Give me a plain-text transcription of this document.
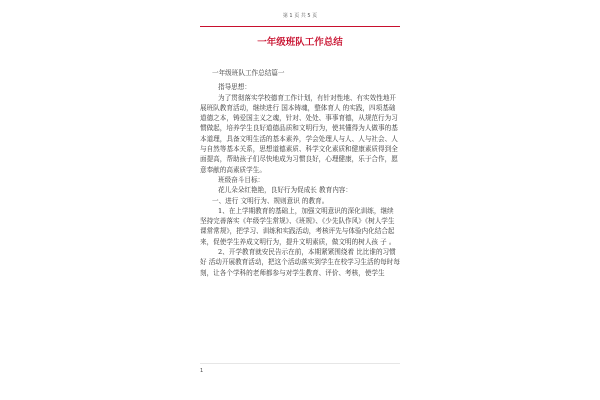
第 1 页 共 5 页
一年级班队工作总结

一年级班队工作总结篇一

指导思想：

为了贯彻落实学校德育工作计划，有针对性地、有实效性地开展班队教育活动，继续进行 国本铸魂，整体育人 的实践，四项基础道德之本，铸爱国主义之魂，针对、处处、事事育德，从规范行为习惯做起，培养学生良好道德品质和文明行为，使其懂得为人做事的基本道理，具备文明生活的基本素养，学会处理人与人、人与社会、人与自然等基本关系，思想道德素质、科学文化素质和健康素质得到全面提高，帮助孩子们尽快地成为习惯良好，心理健康，乐于合作，愿意奉献的高素质学生。

班级奋斗目标：

花儿朵朵红艳艳，良好行为促成长 教育内容：

一、进行 文明行为、规则意识 的教育。

1、在上学期教育的基础上，加强文明意识的深化训练，继续坚持完善落实《年级学生常规》、《班规》、《少先队作风》《树人学生课常常规》，把学习、训练和实践活动，考核评先与体验内化结合起来，促使学生养成文明行为，提升文明素质，做文明的树人孩 子 。

2、开学教育就安民告示在前，本期紧紧围绕着 比比谁的习惯好 活动开展教育活动，把这个活动落实到学生在校学习生活的每时每刻，让各个学科的老师都参与对学生教育、评价、考核，使学生

1
